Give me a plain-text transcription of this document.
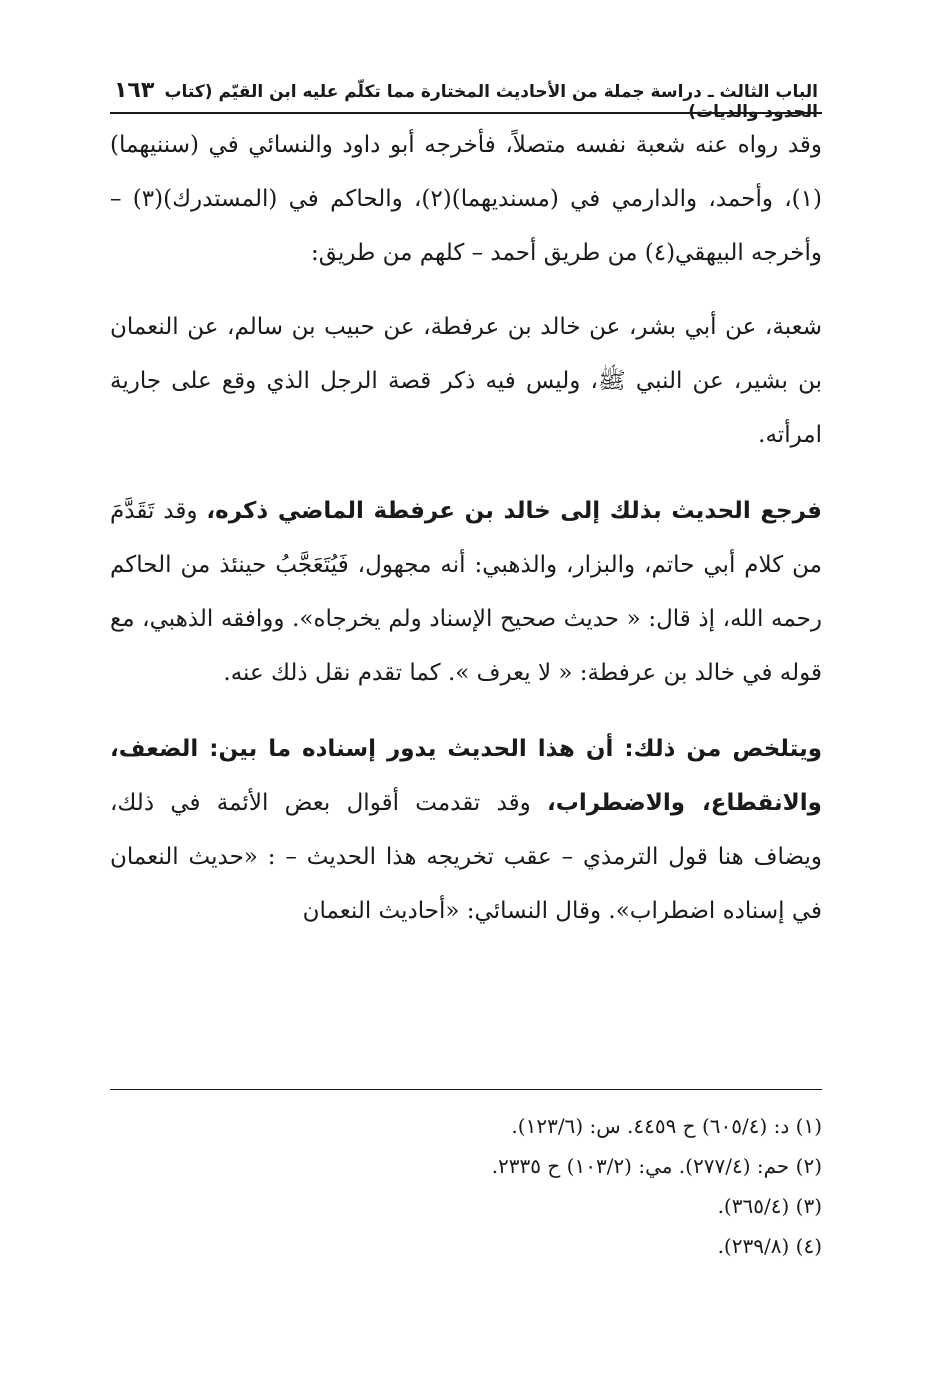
الباب الثالث ـ دراسة جملة من الأحاديث المختارة مما تكلّم عليه ابن القيّم (كتاب الحدود والديات)
١٦٣

وقد رواه عنه شعبة نفسه متصلاً، فأخرجه أبو داود والنسائي في (سننيهما)(١)، وأحمد، والدارمي في (مسنديهما)(٢)، والحاكم في (المستدرك)(٣) – وأخرجه البيهقي(٤) من طريق أحمد – كلهم من طريق:

شعبة، عن أبي بشر، عن خالد بن عرفطة، عن حبيب بن سالم، عن النعمان بن بشير، عن النبي ﷺ، وليس فيه ذكر قصة الرجل الذي وقع على جارية امرأته.

فرجع الحديث بذلك إلى خالد بن عرفطة الماضي ذكره، وقد تَقَدَّمَ من كلام أبي حاتم، والبزار، والذهبي: أنه مجهول، فَيُتَعَجَّبُ حينئذ من الحاكم رحمه الله، إذ قال: « حديث صحيح الإسناد ولم يخرجاه». ووافقه الذهبي، مع قوله في خالد بن عرفطة: « لا يعرف ». كما تقدم نقل ذلك عنه.

ويتلخص من ذلك: أن هذا الحديث يدور إسناده ما بين: الضعف، والانقطاع، والاضطراب، وقد تقدمت أقوال بعض الأئمة في ذلك، ويضاف هنا قول الترمذي – عقب تخريجه هذا الحديث – : «حديث النعمان في إسناده اضطراب». وقال النسائي: «أحاديث النعمان

(١) د: (٦٠٥/٤) ح ٤٤٥٩. س: (١٢٣/٦).
(٢) حم: (٢٧٧/٤). مي: (١٠٣/٢) ح ٢٣٣٥.
(٣) (٣٦٥/٤).
(٤) (٢٣٩/٨).
